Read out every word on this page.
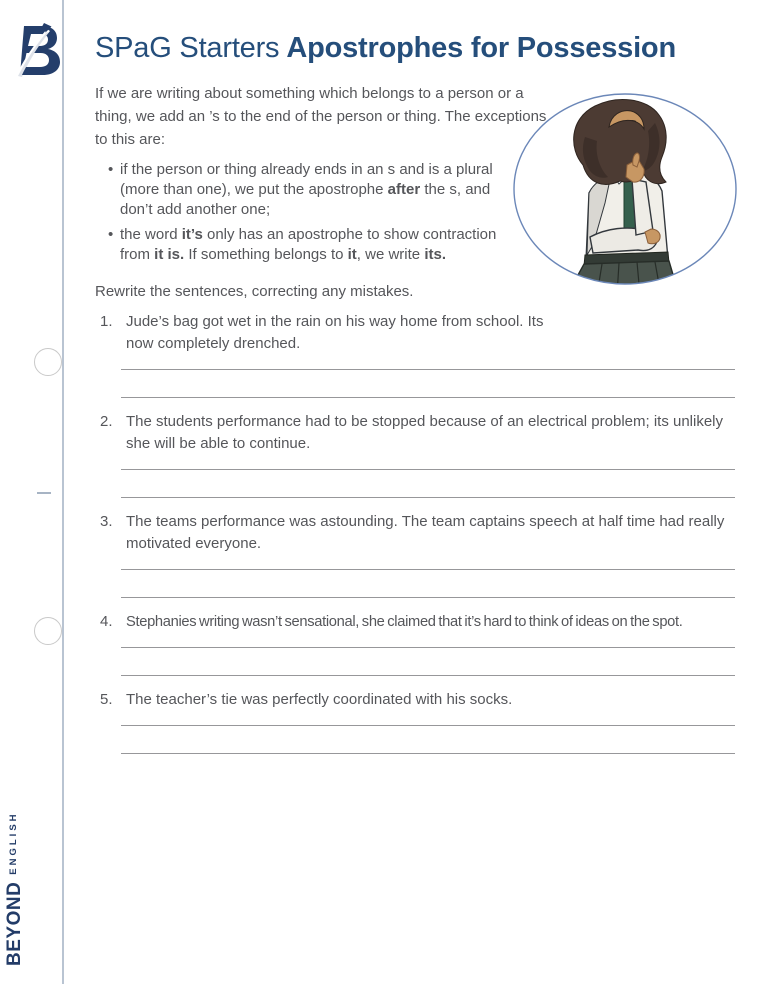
$BEYOND^{ENGLISH}$
SPaG Starters Apostrophes for Possession
If we are writing about something which belongs to a person or a thing, we add an ’s to the end of the person or thing. The exceptions to this are:
• if the person or thing already ends in an s and is a plural (more than one), we put the apostrophe after the s, and don’t add another one;
• the word it’s only has an apostrophe to show contraction from it is. If something belongs to it, we write its.
Rewrite the sentences, correcting any mistakes.
1. Jude’s bag got wet in the rain on his way home from school. Its now completely drenched.
2. The students performance had to be stopped because of an electrical problem; its unlikely she will be able to continue.
3. The teams performance was astounding. The team captains speech at half time had really motivated everyone.
4. Stephanies writing wasn’t sensational, she claimed that it’s hard to think of ideas on the spot.
5. The teacher’s tie was perfectly coordinated with his socks.
